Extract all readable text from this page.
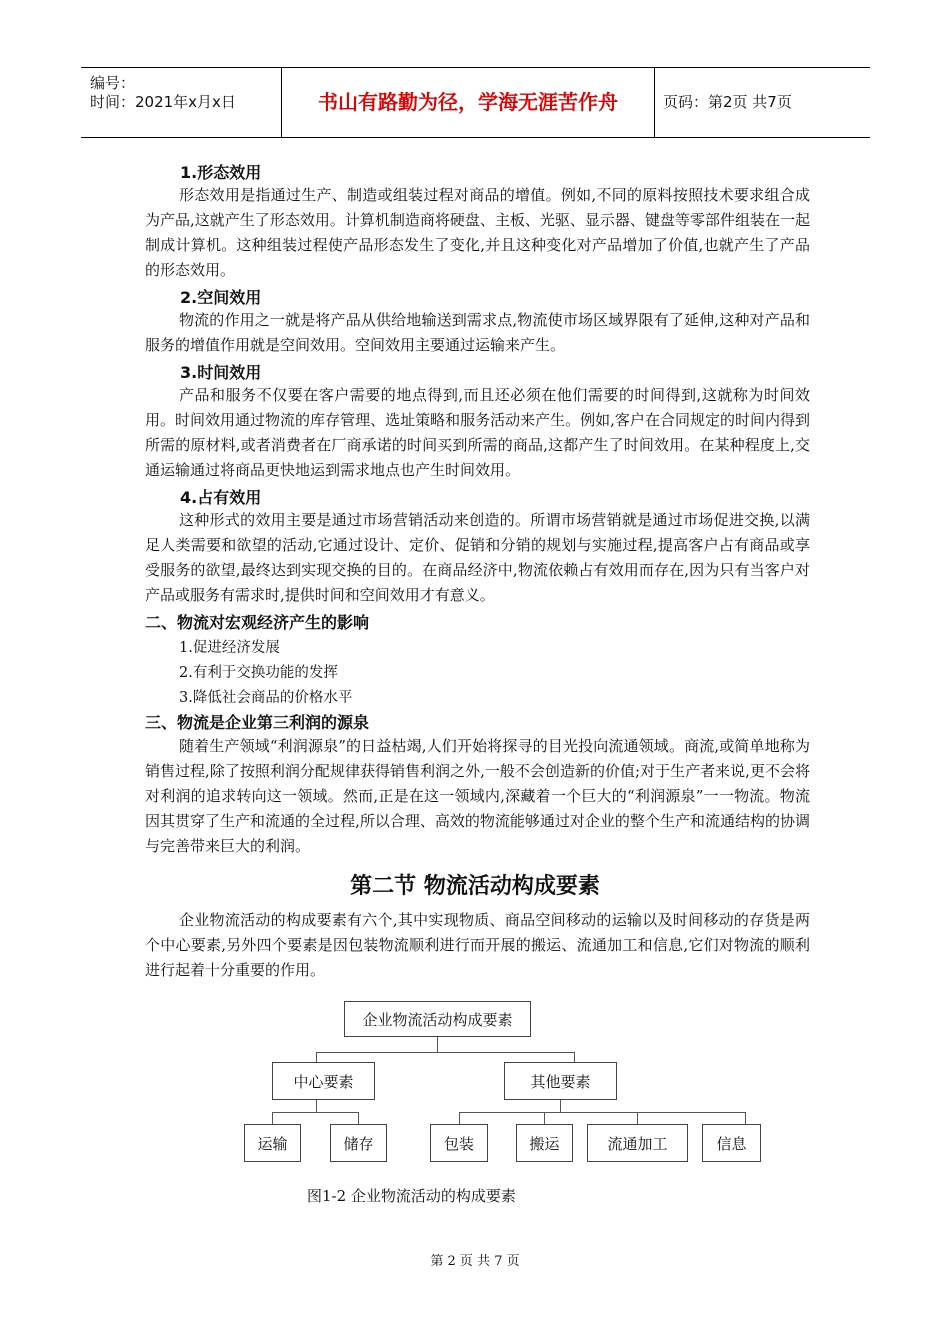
编号：
时间：2021年x月x日	书山有路勤为径，学海无涯苦作舟	页码：第2页 共7页
1.形态效用
形态效用是指通过生产、制造或组装过程对商品的增值。例如,不同的原料按照技术要求组合成为产品,这就产生了形态效用。计算机制造商将硬盘、主板、光驱、显示器、键盘等零部件组装在一起制成计算机。这种组装过程使产品形态发生了变化,并且这种变化对产品增加了价值,也就产生了产品的形态效用。
2.空间效用
物流的作用之一就是将产品从供给地输送到需求点,物流使市场区域界限有了延伸,这种对产品和服务的增值作用就是空间效用。空间效用主要通过运输来产生。
3.时间效用
产品和服务不仅要在客户需要的地点得到,而且还必须在他们需要的时间得到,这就称为时间效用。时间效用通过物流的库存管理、选址策略和服务活动来产生。例如,客户在合同规定的时间内得到所需的原材料,或者消费者在厂商承诺的时间买到所需的商品,这都产生了时间效用。在某种程度上,交通运输通过将商品更快地运到需求地点也产生时间效用。
4.占有效用
这种形式的效用主要是通过市场营销活动来创造的。所谓市场营销就是通过市场促进交换,以满足人类需要和欲望的活动,它通过设计、定价、促销和分销的规划与实施过程,提高客户占有商品或享受服务的欲望,最终达到实现交换的目的。在商品经济中,物流依赖占有效用而存在,因为只有当客户对产品或服务有需求时,提供时间和空间效用才有意义。
二、物流对宏观经济产生的影响
1.促进经济发展
2.有利于交换功能的发挥
3.降低社会商品的价格水平
三、物流是企业第三利润的源泉
随着生产领域“利润源泉”的日益枯竭,人们开始将探寻的目光投向流通领域。商流,或简单地称为销售过程,除了按照利润分配规律获得销售利润之外,一般不会创造新的价值;对于生产者来说,更不会将对利润的追求转向这一领域。然而,正是在这一领域内,深藏着一个巨大的“利润源泉”一一物流。物流因其贯穿了生产和流通的全过程,所以合理、高效的物流能够通过对企业的整个生产和流通结构的协调与完善带来巨大的利润。
第二节 物流活动构成要素
企业物流活动的构成要素有六个,其中实现物质、商品空间移动的运输以及时间移动的存货是两个中心要素,另外四个要素是因包装物流顺利进行而开展的搬运、流通加工和信息,它们对物流的顺利进行起着十分重要的作用。
企业物流活动构成要素
中心要素	其他要素
运输	储存	包装	搬运	流通加工	信息
图1-2 企业物流活动的构成要素
第 2 页 共 7 页
